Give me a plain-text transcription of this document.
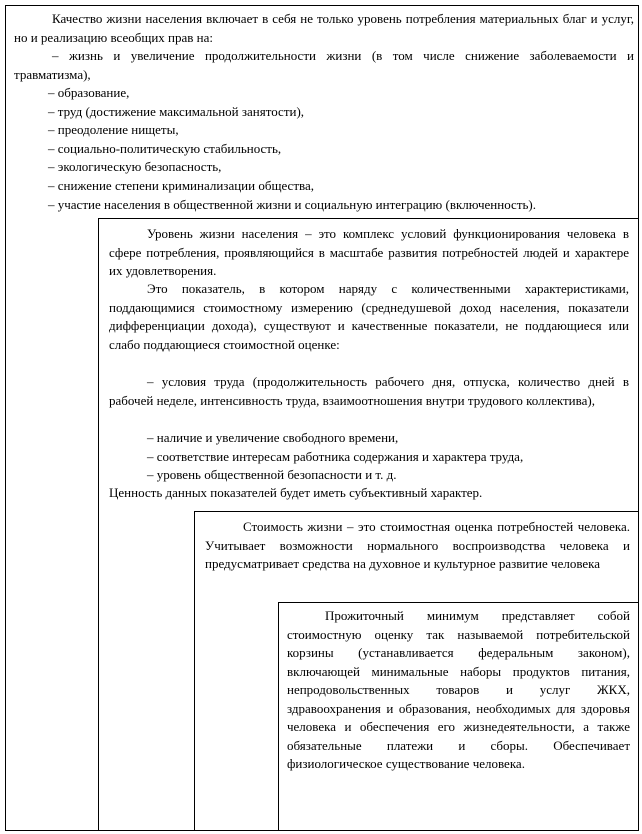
Качество жизни населения включает в себя не только уровень потребления материальных благ и услуг, но и реализацию всеобщих прав на:

– жизнь и увеличение продолжительности жизни (в том числе снижение заболеваемости и травматизма),

– образование,

– труд (достижение максимальной занятости),

– преодоление нищеты,

– социально-политическую стабильность,

– экологическую безопасность,

– снижение степени криминализации общества,

– участие населения в общественной жизни и социальную интеграцию (включенность).

Уровень жизни населения – это комплекс условий функционирования человека в сфере потребления, проявляющийся в масштабе развития потребностей людей и характере их удовлетворения.

Это показатель, в котором наряду с количественными характеристиками, поддающимися стоимостному измерению (среднедушевой доход населения, показатели дифференциации дохода), существуют и качественные показатели, не поддающиеся или слабо поддающиеся стоимостной оценке:

– условия труда (продолжительность рабочего дня, отпуска, количество дней в рабочей неделе, интенсивность труда, взаимоотношения внутри трудового коллектива),

– наличие и увеличение свободного времени,

– соответствие интересам работника содержания и характера труда,

– уровень общественной безопасности и т. д.

Ценность данных показателей будет иметь субъективный характер.

Стоимость жизни – это стоимостная оценка потребностей человека. Учитывает возможности нормального воспроизводства человека и предусматривает средства на духовное и культурное развитие человека

Прожиточный минимум представляет собой стоимостную оценку так называемой потребительской корзины (устанавливается федеральным законом), включающей минимальные наборы продуктов питания, непродовольственных товаров и услуг ЖКХ, здравоохранения и образования, необходимых для здоровья человека и обеспечения его жизнедеятельности, а также обязательные платежи и сборы. Обеспечивает физиологическое существование человека.
